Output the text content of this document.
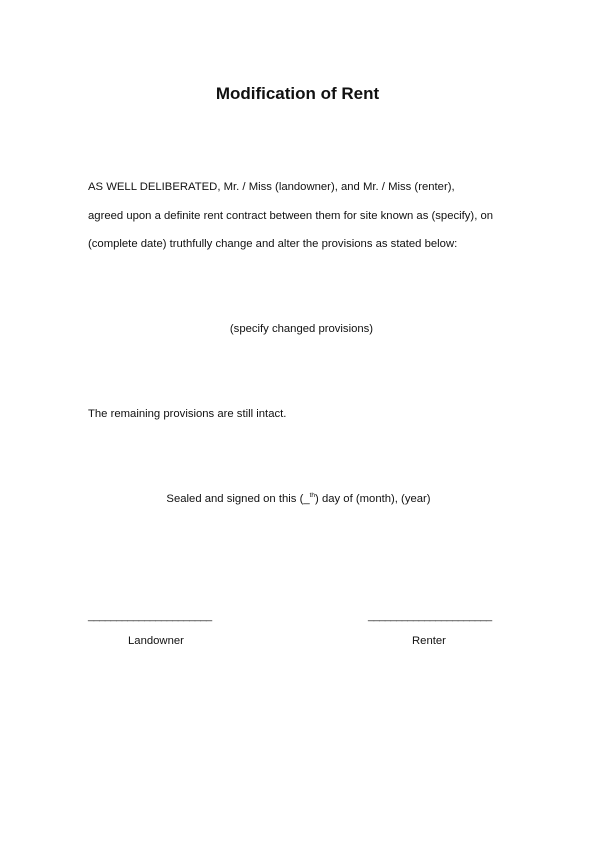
Modification of Rent
AS WELL DELIBERATED, Mr. / Miss (landowner), and Mr. / Miss (renter),
agreed upon a definite rent contract between them for site known as (specify), on
(complete date) truthfully change and alter the provisions as stated below:
(specify changed provisions)
The remaining provisions are still intact.
Sealed and signed on this (_$^{th}$) day of (month), (year)
______________________	______________________
Landowner	Renter
